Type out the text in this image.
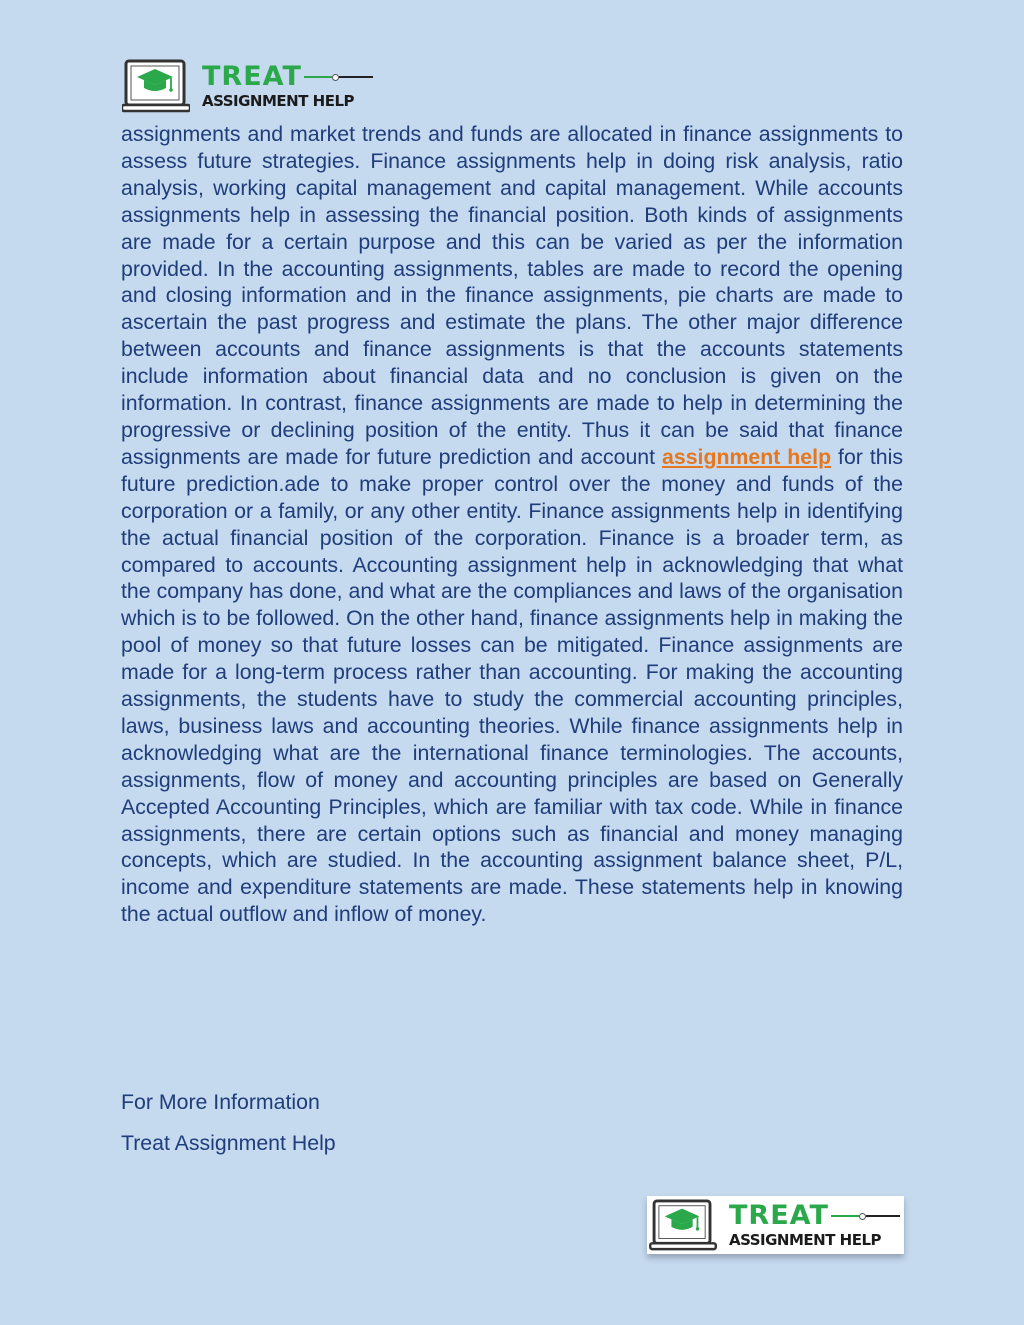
TREAT
ASSIGNMENT HELP

assignments and market trends and funds are allocated in finance assignments to assess future strategies. Finance assignments help in doing risk analysis, ratio analysis, working capital management and capital management. While accounts assignments help in assessing the financial position. Both kinds of assignments are made for a certain purpose and this can be varied as per the information provided. In the accounting assignments, tables are made to record the opening and closing information and in the finance assignments, pie charts are made to ascertain the past progress and estimate the plans. The other major difference between accounts and finance assignments is that the accounts statements include information about financial data and no conclusion is given on the information. In contrast, finance assignments are made to help in determining the progressive or declining position of the entity. Thus it can be said that finance assignments are made for future prediction and account assignment help for this future prediction.ade to make proper control over the money and funds of the corporation or a family, or any other entity. Finance assignments help in identifying the actual financial position of the corporation. Finance is a broader term, as compared to accounts. Accounting assignment help in acknowledging that what the company has done, and what are the compliances and laws of the organisation which is to be followed. On the other hand, finance assignments help in making the pool of money so that future losses can be mitigated. Finance assignments are made for a long-term process rather than accounting. For making the accounting assignments, the students have to study the commercial accounting principles, laws, business laws and accounting theories. While finance assignments help in acknowledging what are the international finance terminologies. The accounts, assignments, flow of money and accounting principles are based on Generally Accepted Accounting Principles, which are familiar with tax code. While in finance assignments, there are certain options such as financial and money managing concepts, which are studied. In the accounting assignment balance sheet, P/L, income and expenditure statements are made. These statements help in knowing the actual outflow and inflow of money.

For More Information

Treat Assignment Help

TREAT
ASSIGNMENT HELP
